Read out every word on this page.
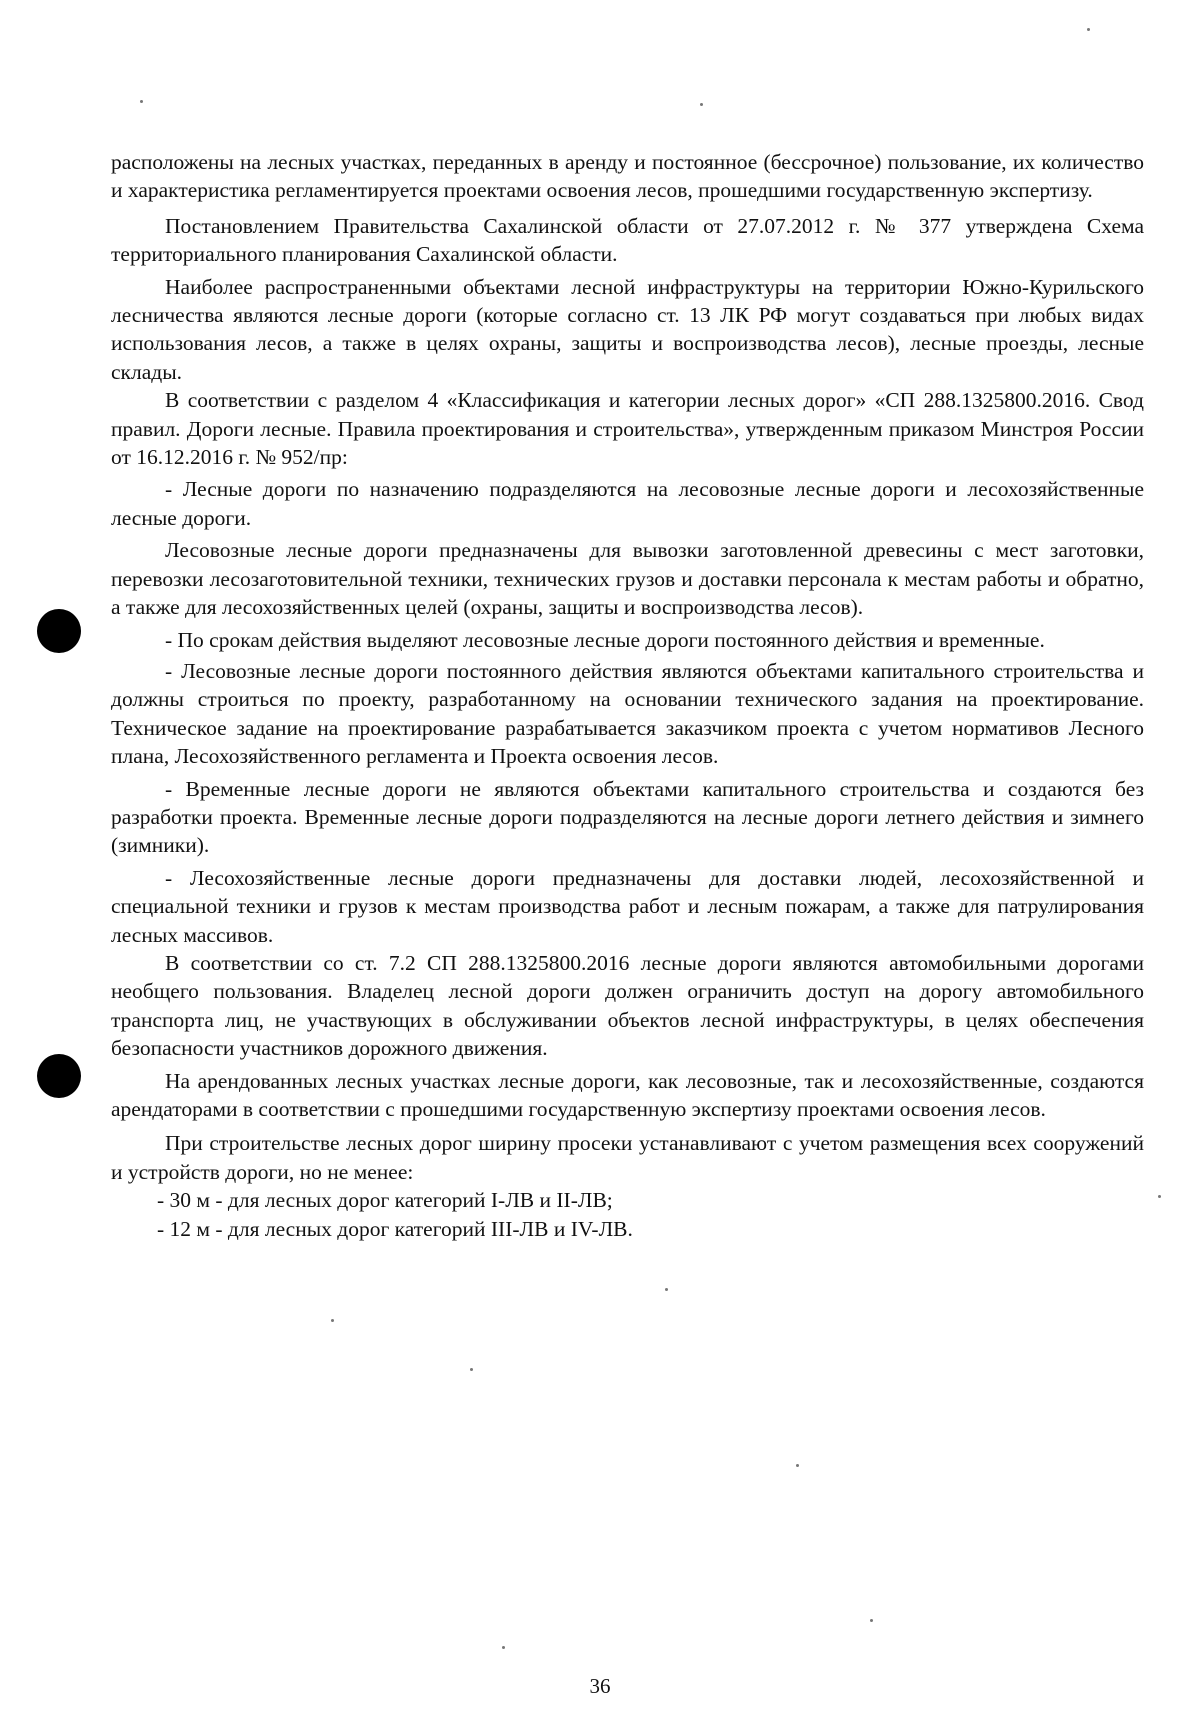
расположены на лесных участках, переданных в аренду и постоянное (бессрочное) пользование, их количество и характеристика регламентируется проектами освоения лесов, прошедшими государственную экспертизу.

Постановлением Правительства Сахалинской области от 27.07.2012 г. № 377 утверждена Схема территориального планирования Сахалинской области.

Наиболее распространенными объектами лесной инфраструктуры на территории Южно-Курильского лесничества являются лесные дороги (которые согласно ст. 13 ЛК РФ могут создаваться при любых видах использования лесов, а также в целях охраны, защиты и воспроизводства лесов), лесные проезды, лесные склады.

В соответствии с разделом 4 «Классификация и категории лесных дорог» «СП 288.1325800.2016. Свод правил. Дороги лесные. Правила проектирования и строительства», утвержденным приказом Минстроя России от 16.12.2016 г. № 952/пр:

- Лесные дороги по назначению подразделяются на лесовозные лесные дороги и лесохозяйственные лесные дороги.

Лесовозные лесные дороги предназначены для вывозки заготовленной древесины с мест заготовки, перевозки лесозаготовительной техники, технических грузов и доставки персонала к местам работы и обратно, а также для лесохозяйственных целей (охраны, защиты и воспроизводства лесов).

- По срокам действия выделяют лесовозные лесные дороги постоянного действия и временные.

- Лесовозные лесные дороги постоянного действия являются объектами капитального строительства и должны строиться по проекту, разработанному на основании технического задания на проектирование. Техническое задание на проектирование разрабатывается заказчиком проекта с учетом нормативов Лесного плана, Лесохозяйственного регламента и Проекта освоения лесов.

- Временные лесные дороги не являются объектами капитального строительства и создаются без разработки проекта. Временные лесные дороги подразделяются на лесные дороги летнего действия и зимнего (зимники).

- Лесохозяйственные лесные дороги предназначены для доставки людей, лесохозяйственной и специальной техники и грузов к местам производства работ и лесным пожарам, а также для патрулирования лесных массивов.

В соответствии со ст. 7.2 СП 288.1325800.2016 лесные дороги являются автомобильными дорогами необщего пользования. Владелец лесной дороги должен ограничить доступ на дорогу автомобильного транспорта лиц, не участвующих в обслуживании объектов лесной инфраструктуры, в целях обеспечения безопасности участников дорожного движения.

На арендованных лесных участках лесные дороги, как лесовозные, так и лесохозяйственные, создаются арендаторами в соответствии с прошедшими государственную экспертизу проектами освоения лесов.

При строительстве лесных дорог ширину просеки устанавливают с учетом размещения всех сооружений и устройств дороги, но не менее:

- 30 м - для лесных дорог категорий I-ЛВ и II-ЛВ;

- 12 м - для лесных дорог категорий III-ЛВ и IV-ЛВ.

36
